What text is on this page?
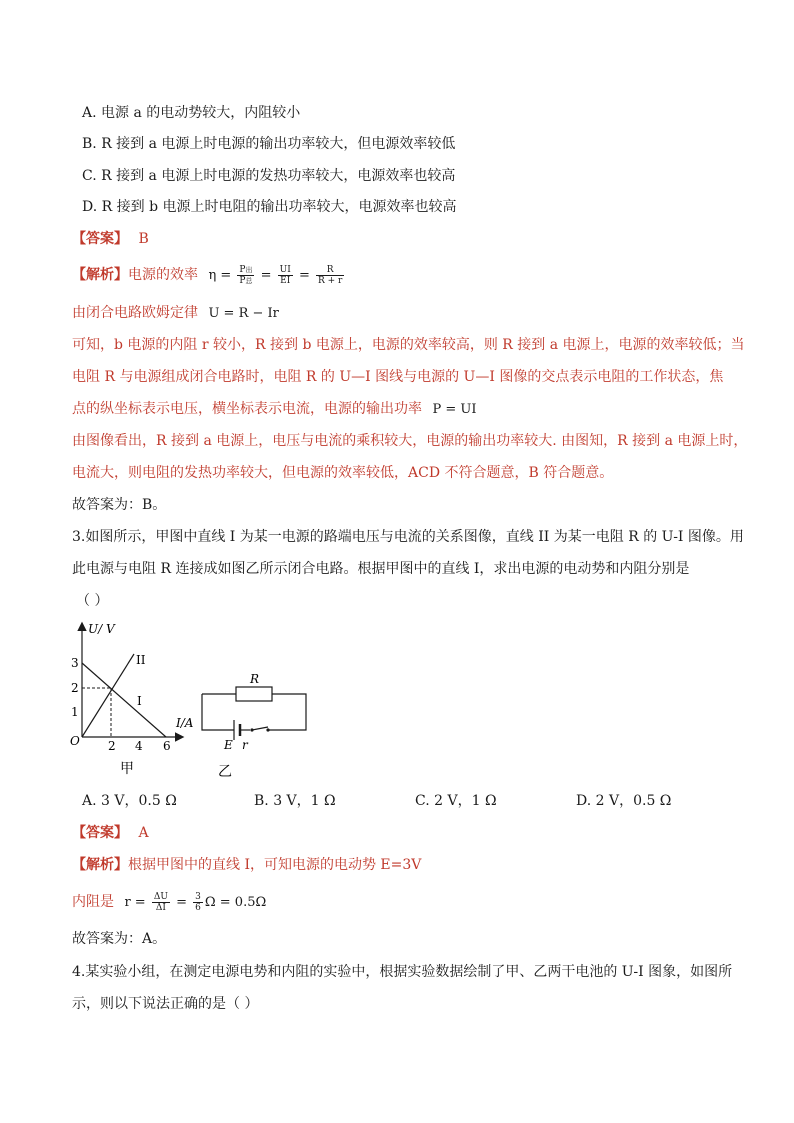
A. 电源 a 的电动势较大，内阻较小
B. R 接到 a 电源上时电源的输出功率较大，但电源效率较低
C. R 接到 a 电源上时电源的发热功率较大，电源效率也较高
D. R 接到 b 电源上时电阻的输出功率较大，电源效率也较高
【答案】 B
【解析】电源的效率 $\eta = \frac{\text{P出}}{\text{P总}} = \frac{UI}{EI} = \frac{R}{R + r}$
由闭合电路欧姆定律 U = R − Ir
可知，b 电源的内阻 r 较小，R 接到 b 电源上，电源的效率较高，则 R 接到 a 电源上，电源的效率较低；当
电阻 R 与电源组成闭合电路时，电阻 R 的 U—I 图线与电源的 U—I 图像的交点表示电阻的工作状态，焦
点的纵坐标表示电压，横坐标表示电流，电源的输出功率 P = UI
由图像看出，R 接到 a 电源上，电压与电流的乘积较大，电源的输出功率较大. 由图知，R 接到 a 电源上时，
电流大，则电阻的发热功率较大，但电源的效率较低，ACD 不符合题意，B 符合题意。
故答案为：B。
3.如图所示，甲图中直线 I 为某一电源的路端电压与电流的关系图像，直线 II 为某一电阻 R 的 U-I 图像。用
此电源与电阻 R 连接成如图乙所示闭合电路。根据甲图中的直线 I，求出电源的电动势和内阻分别是
（ ）
U/ V
I/A
O
3
2
1
2 4 6
I
II
甲
R
E r
乙
A. 3 V，0.5 Ω	B. 3 V，1 Ω	C. 2 V，1 Ω	D. 2 V，0.5 Ω
【答案】 A
【解析】根据甲图中的直线 I，可知电源的电动势 E=3V
内阻是 $r = \frac{\Delta U}{\Delta I} = \frac{3}{6}$ Ω = 0.5Ω
故答案为：A。
4.某实验小组，在测定电源电势和内阻的实验中，根据实验数据绘制了甲、乙两干电池的 U-I 图象，如图所
示，则以下说法正确的是（ ）
